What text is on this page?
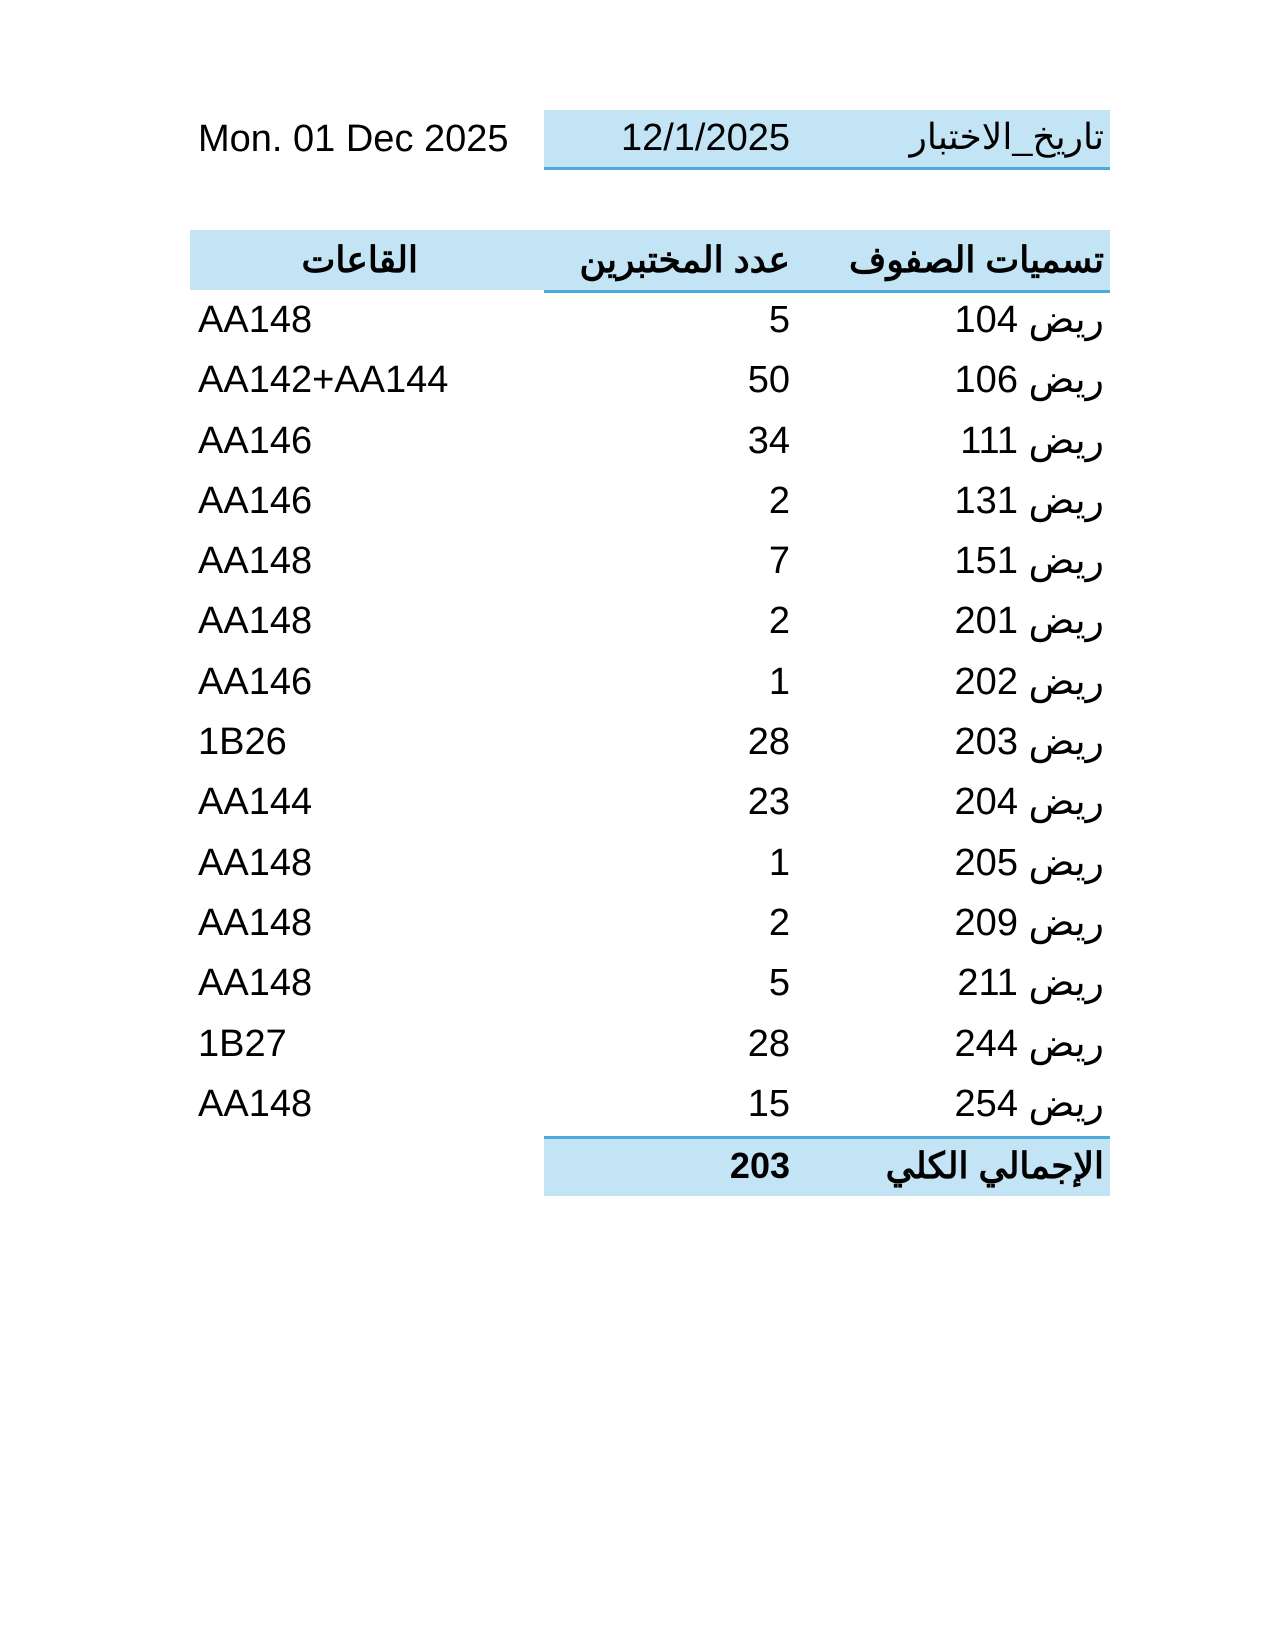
Mon. 01 Dec 2025	12/1/2025	تاريخ_الاختبار
تسميات الصفوف
عدد المختبرين
القاعات
ريض 104
5
AA148
ريض 106
50
AA142+AA144
ريض 111
34
AA146
ريض 131
2
AA146
ريض 151
7
AA148
ريض 201
2
AA148
ريض 202
1
AA146
ريض 203
28
1B26
ريض 204
23
AA144
ريض 205
1
AA148
ريض 209
2
AA148
ريض 211
5
AA148
ريض 244
28
1B27
ريض 254
15
AA148
الإجمالي الكلي
203
